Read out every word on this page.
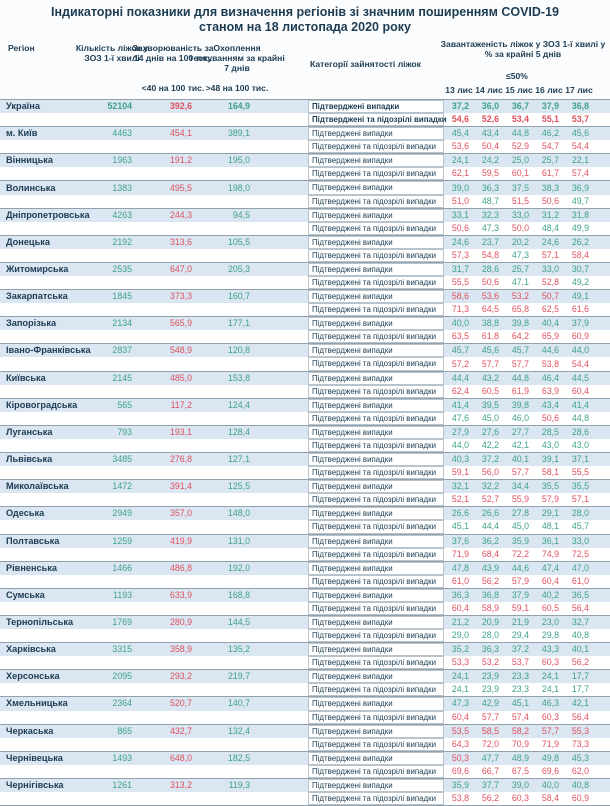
Індикаторні показники для визначення регіонів зі значним поширенням COVID-19
станом на 18 листопада 2020 року
Регіон	Кількість ліжок у ЗОЗ 1-ї хвилі
Захворюваність за 14 днів на 100 тис.
Охоплення тестуванням за крайні 7 днів	Категорії зайнятості ліжок
Завантаженість ліжок у ЗОЗ 1-ї хвилі у % за крайні 5 днів
<40 на 100 тис. >48 на 100 тис.
≤50%
13 лис 14 лис 15 лис 16 лис 17 лис
Україна	52104	392,6	164,9	Підтверджені випадки	37,2	36,0	36,7	37,9	36,8
Підтверджені та підозрілі випадки 54,6	52,6	53,4	55,1	53,7
м. Київ	4463	454,1	389,1	Підтверджені випадки	45,4	43,4	44,8	46,2	45,6
Підтверджені та підозрілі випадки	53,6	50,4	52,9	54,7	54,4
Вінницька	1963	191,2	195,0	Підтверджені випадки	24,1	24,2	25,0	25,7	22,1
Підтверджені та підозрілі випадки	62,1	59,5	60,1	61,7	57,4
Волинська	1383	495,5	198,0	Підтверджені випадки	39,0	36,3	37,5	38,3	36,9
Підтверджені та підозрілі випадки	51,0	48,7	51,5	50,6	49,7
Дніпропетровська	4263	244,3	94,5	Підтверджені випадки	33,1	32,3	33,0	31,2	31,8
Підтверджені та підозрілі випадки	50,6	47,3	50,0	48,4	49,9
Донецька	2192	313,6	105,5	Підтверджені випадки	24,6	23,7	20,2	24,6	26,2
Підтверджені та підозрілі випадки	57,3	54,8	47,3	57,1	58,4
Житомирська	2535	647,0	205,3	Підтверджені випадки	31,7	28,6	25,7	33,0	30,7
Підтверджені та підозрілі випадки	55,5	50,6	47,1	52,8	49,2
Закарпатська	1845	373,3	160,7	Підтверджені випадки	58,6	53,6	53,2	50,7	49,1
Підтверджені та підозрілі випадки	71,3	64,5	65,8	62,5	61,6
Запорізька	2134	565,9	177,1	Підтверджені випадки	40,0	38,8	39,8	40,4	37,9
Підтверджені та підозрілі випадки	63,5	61,8	64,2	65,9	60,9
Івано-Франківська	2837	548,9	120,8	Підтверджені випадки	45,7	45,6	45,7	44,6	44,0
Підтверджені та підозрілі випадки	57,2	57,7	57,7	53,8	54,4
Київська	2145	485,0	153,8	Підтверджені випадки	44,4	43,2	44,8	46,4	44,5
Підтверджені та підозрілі випадки	62,4	60,5	61,9	63,9	60,4
Кіровоградська	565	117,2	124,4	Підтверджені випадки	41,4	39,5	39,8	43,4	41,4
Підтверджені та підозрілі випадки	47,6	45,0	46,0	50,6	44,8
Луганська	793	193,1	128,4	Підтверджені випадки	27,9	27,6	27,7	28,5	28,6
Підтверджені та підозрілі випадки	44,0	42,2	42,1	43,0	43,0
Львівська	3485	276,8	127,1	Підтверджені випадки	40,3	37,2	40,1	39,1	37,1
Підтверджені та підозрілі випадки	59,1	56,0	57,7	58,1	55,5
Миколаївська	1472	391,4	125,5	Підтверджені випадки	32,1	32,2	34,4	35,5	35,5
Підтверджені та підозрілі випадки	52,1	52,7	55,9	57,9	57,1
Одеська	2949	357,0	148,0	Підтверджені випадки	26,6	26,6	27,8	29,1	28,0
Підтверджені та підозрілі випадки	45,1	44,4	45,0	48,1	45,7
Полтавська	1259	419,9	131,0	Підтверджені випадки	37,6	36,2	35,9	36,1	33,0
Підтверджені та підозрілі випадки	71,9	68,4	72,2	74,9	72,5
Рівненська	1466	486,8	192,0	Підтверджені випадки	47,8	43,9	44,6	47,4	47,0
Підтверджені та підозрілі випадки	61,0	56,2	57,9	60,4	61,0
Сумська	1193	633,9	168,8	Підтверджені випадки	36,3	36,8	37,9	40,2	36,5
Підтверджені та підозрілі випадки	60,4	58,9	59,1	60,5	56,4
Тернопільська	1769	280,9	144,5	Підтверджені випадки	21,2	20,9	21,9	23,0	32,7
Підтверджені та підозрілі випадки	29,0	28,0	29,4	29,8	40,8
Харківська	3315	358,9	135,2	Підтверджені випадки	35,2	36,3	37,2	43,3	40,1
Підтверджені та підозрілі випадки	53,3	53,2	53,7	60,3	56,2
Херсонська	2095	293,2	219,7	Підтверджені випадки	24,1	23,9	23,3	24,1	17,7
Підтверджені та підозрілі випадки	24,1	23,9	23,3	24,1	17,7
Хмельницька	2364	520,7	140,7	Підтверджені випадки	47,3	42,9	45,1	46,3	42,1
Підтверджені та підозрілі випадки	60,4	57,7	57,4	60,3	56,4
Черкаська	865	432,7	132,4	Підтверджені випадки	53,5	58,5	58,2	57,7	55,3
Підтверджені та підозрілі випадки	64,3	72,0	70,9	71,9	73,3
Чернівецька	1493	648,0	182,5	Підтверджені випадки	50,3	47,7	48,9	49,8	45,3
Підтверджені та підозрілі випадки	69,6	66,7	67,5	69,6	62,0
Чернігівська	1261	313,2	119,3	Підтверджені випадки	35,9	37,7	39,0	40,0	40,8
Підтверджені та підозрілі випадки	53,8	56,2	60,3	58,4	60,9
